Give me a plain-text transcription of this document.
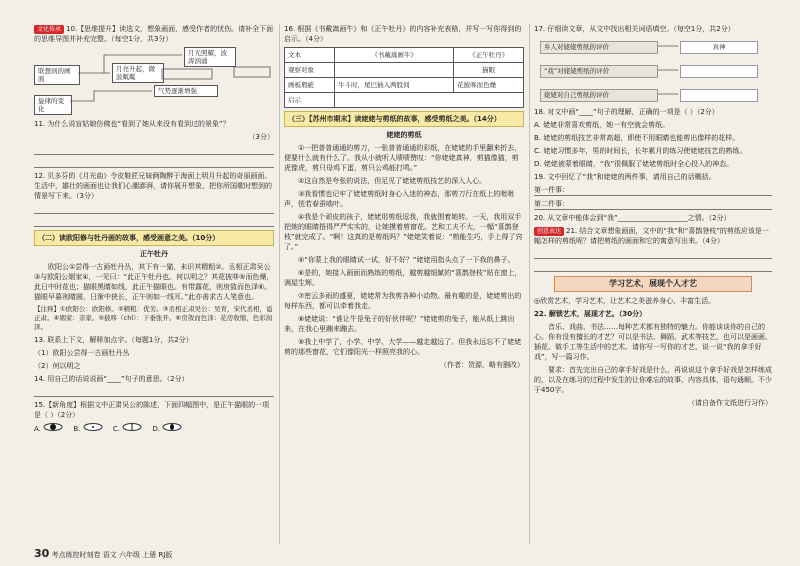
文化传承 10.【思维提升】读选文，想象画面，感受作者的忧伤。请补全下面的思维导图并补充完整。（每空1分，共3分）

联想到的画面
月光照耀，波涛汹涌
月亮升起，微波粼粼
旋律的变化
气势逐渐增强

11. 为什么说盲姑娘仿佛也“看到了她从来没有看到过的景象”？

（3分）

12. 贝多芬的《月光曲》令皮鞋匠兄妹俩陶醉于海面上明月升起的奇丽画面。生活中，雄壮的画面也让我们心潮澎湃，请你展开想象，把你所国歌时想到的情景写下来。（3分）

（二）读欧阳修与牡丹画的故事，感受画意之美。（10分）

正午牡丹

欧阳公①尝得一古画牡丹丛，其下有一猫，未识其精粗②。丞相正肃吴公③与欧阳公姻家④，一见曰：“此正午牡丹也。何以明之？其花披哆⑤而色燥，此日中时花也；猫眼黑睛如线，此正午猫眼也。有带露花，则房敛而色泽⑥。猫眼早暮则睛圆，日渐中狭长，正午则如一线耳。”此亦善求古人笔意也。

【注释】①欧阳公：欧阳修。②精粗：优劣。③丞相正肃吴公：吴育，宋代丞相，谥正肃。④姻家：亲家。⑤披哆（chǐ）：下垂张开。⑥房敛而色泽：花房收缩，色彩润泽。

13. 联系上下文，解释加点字。（每题1分，共2分）

（1）欧阳公尝得一古画牡丹丛

（2）何以明之

14. 用自己的话说说画“____”句子的意思。（2分）

15.【新角度】根据文中正肃吴公的陈述，下面四幅图中，是正午猫眼的一项是（ ）（2分）

A.	B.	C.	D.
30 考点练控时刻卷 语文 六年级 上册 RJ版

16. 根据《书戴嵩画牛》和《正午牡丹》的内容补充表格，并写一写你得到的启示。（4分）

文本	《书戴嵩画牛》	《正午牡丹》
观察对象		猫眼
画板瑕疵	牛斗时，尾巴插入两股间	花披哆而色燥
启示		

（三）【苏州市期末】读姥姥与剪纸的故事，感受剪纸之美。（14分）

姥姥的剪纸

①一把普普通通的剪刀，一张普普通通的彩纸，在姥姥的手里翻来折去，便要什么就有什么了。我从小就听人啧啧赞叹：“你姥姥真神，剪猫像猫，剪虎像虎，剪只母鸡下蛋，剪只公鸡能打鸣。”

②这自然是夸张的说法，但足见了姥姥剪纸技艺的深入人心。

③我看惯也记牢了姥姥剪纸时身心入迷的神态，那剪刀行在纸上的咝咝声，恍若春蚕啮叶。

④我是个顽皮的孩子，姥姥用剪纸逗我，我就围着她转。一天，我用双手把她的眼睛捂得严严实实的，让她摸着剪窗花。艺和工夫不大，一幅“喜鹊登枝”就完成了。“啊！这真的是剪纸吗？”姥姥笑着说：“熟能生巧，手上得了窍了。”

⑤“你蒙上我的眼睛试一试，好不好？”姥姥用指头点了一下我的鼻子。

⑥是的，她接入画面而熟练的剪纸，越剪越细腻的“喜鹊登枝”贴在窗上，满屋生辉。

⑦密云多雨的盛夏，姥姥常为我剪各种小动物。最有趣的是，姥姥剪出的每样东西，都可以牵着我走。

⑧姥姥说：“谁让牛是兔子的好伙伴呢？”姥姥剪的兔子，能从纸上跳出来，在我心里蹦来蹦去。

⑨我上中学了，小学、中学、大学——越走越远了。但我永远忘不了姥姥剪的那些窗花，它们像阳光一样照亮我的心。

（作者：贺源，略有删改）

17. 仔细读文章，从文中找出相关词语填空。（每空1分，共2分）

乡人对姥姥剪纸的评价
“我”对姥姥剪纸的评价
姥姥对自己剪纸的评价
真神

18. 对文中画“____”句子的理解，正确的一项是（ ）（2分）

A. 姥姥非常喜欢剪纸，她一有空就会剪纸。

B. 姥姥的剪纸技艺非常高超，即使不用眼睛也能剪出像样的花样。

C. 姥姥习惯多年，男的时间长，长年累月的练习使姥姥技艺的熟练。

D. 姥姥被蒙着眼睛，“我”很佩服了姥姥剪纸时全心投入的神态。

19. 文中回忆了“我”和姥姥的两件事，请用自己的话概括。

第一件事：

第二件事：

20. 从文章中能体会到“我”____________________之情。（2分）

创意表达 21. 结合文章想象画面，文中的“我”和“喜鹊登枝”的剪纸应该是一幅怎样的剪纸呢？请把剪纸的画面和它的寓意写出来。（4分）

学习艺术，展现个人才艺

◎欣赏艺术，学习艺术，让艺术之美滋养身心，丰富生活。

22. 解锁艺术，展现才艺。（30分）

音乐、戏曲、书法……每种艺术都有独特的魅力。你能谈谈你的自己的心。你有没有擅长的才艺？可以是书法、舞蹈、武术等技艺，也可以是画画、插花、做手工等生活中的艺术。请你写一写你的才艺，说一说“我的拿手好戏”，写一篇习作。

要求：首先完出自己的拿手好戏是什么，再说说这个拿手好戏是怎样练成的，以及在练习的过程中发生的让你难忘的故事，内容具体，语句通顺。不少于450字。

（请自备作文纸进行习作）
